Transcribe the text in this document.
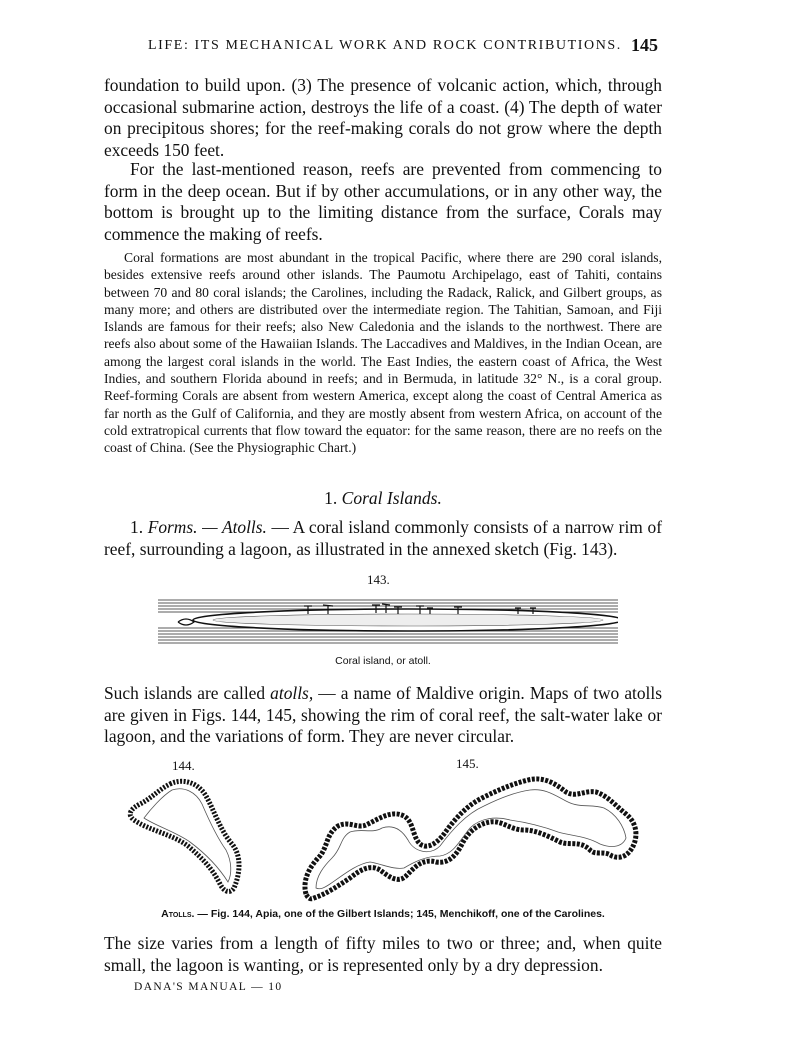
LIFE: ITS MECHANICAL WORK AND ROCK CONTRIBUTIONS. 145

foundation to build upon. (3) The presence of volcanic action, which, through occasional submarine action, destroys the life of a coast. (4) The depth of water on precipitous shores; for the reef-making corals do not grow where the depth exceeds 150 feet.

For the last-mentioned reason, reefs are prevented from commencing to form in the deep ocean. But if by other accumulations, or in any other way, the bottom is brought up to the limiting distance from the surface, Corals may commence the making of reefs.

Coral formations are most abundant in the tropical Pacific, where there are 290 coral islands, besides extensive reefs around other islands. The Paumotu Archipelago, east of Tahiti, contains between 70 and 80 coral islands; the Carolines, including the Radack, Ralick, and Gilbert groups, as many more; and others are distributed over the intermediate region. The Tahitian, Samoan, and Fiji Islands are famous for their reefs; also New Caledonia and the islands to the northwest. There are reefs also about some of the Hawaiian Islands. The Laccadives and Maldives, in the Indian Ocean, are among the largest coral islands in the world. The East Indies, the eastern coast of Africa, the West Indies, and southern Florida abound in reefs; and in Bermuda, in latitude 32° N., is a coral group. Reef-forming Corals are absent from western America, except along the coast of Central America as far north as the Gulf of California, and they are mostly absent from western Africa, on account of the cold extratropical currents that flow toward the equator: for the same reason, there are no reefs on the coast of China. (See the Physiographic Chart.)

1. Coral Islands.

1. Forms. — Atolls. — A coral island commonly consists of a narrow rim of reef, surrounding a lagoon, as illustrated in the annexed sketch (Fig. 143).

143.
Coral island, or atoll.

Such islands are called atolls, — a name of Maldive origin. Maps of two atolls are given in Figs. 144, 145, showing the rim of coral reef, the salt-water lake or lagoon, and the variations of form. They are never circular.

144.	145.
Atolls. — Fig. 144, Apia, one of the Gilbert Islands; 145, Menchikoff, one of the Carolines.

The size varies from a length of fifty miles to two or three; and, when quite small, the lagoon is wanting, or is represented only by a dry depression.

DANA'S MANUAL — 10
